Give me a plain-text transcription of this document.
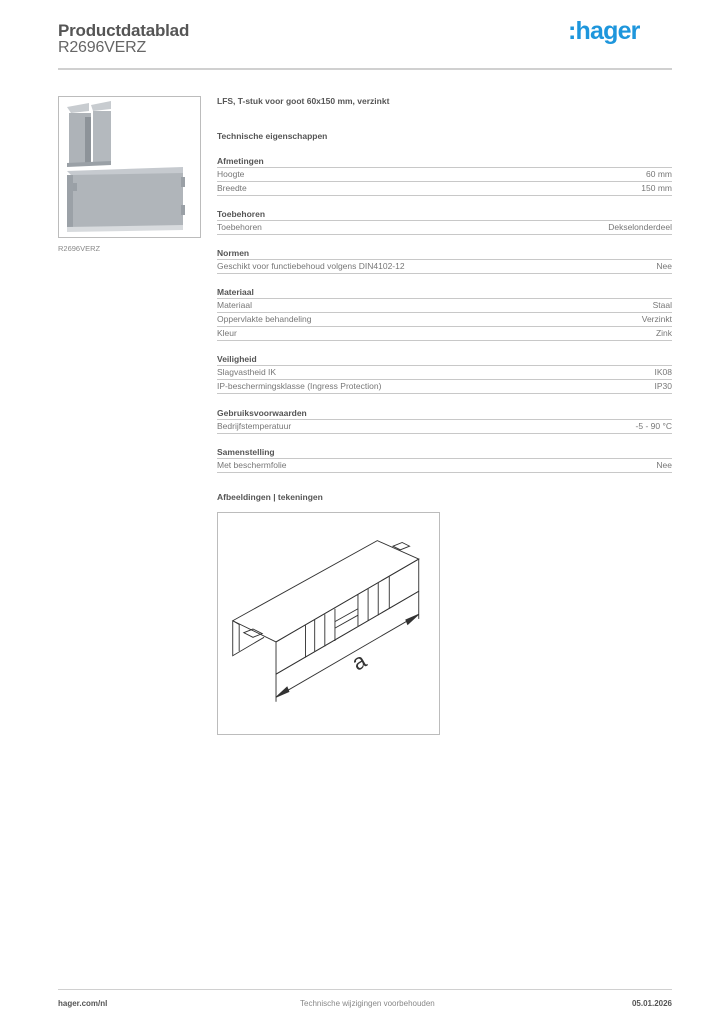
Productdatablad
R2696VERZ
:hager
R2696VERZ
LFS, T-stuk voor goot 60x150 mm, verzinkt
Technische eigenschappen
Afmetingen
Hoogte	60 mm
Breedte	150 mm
Toebehoren
Toebehoren	Dekselonderdeel
Normen
Geschikt voor functiebehoud volgens DIN4102-12	Nee
Materiaal
Materiaal	Staal
Oppervlakte behandeling	Verzinkt
Kleur	Zink
Veiligheid
Slagvastheid IK	IK08
IP-beschermingsklasse (Ingress Protection)	IP30
Gebruiksvoorwaarden
Bedrijfstemperatuur	-5 - 90 °C
Samenstelling
Met beschermfolie	Nee
Afbeeldingen | tekeningen
a
hager.com/nl	Technische wijzigingen voorbehouden	05.01.2026
